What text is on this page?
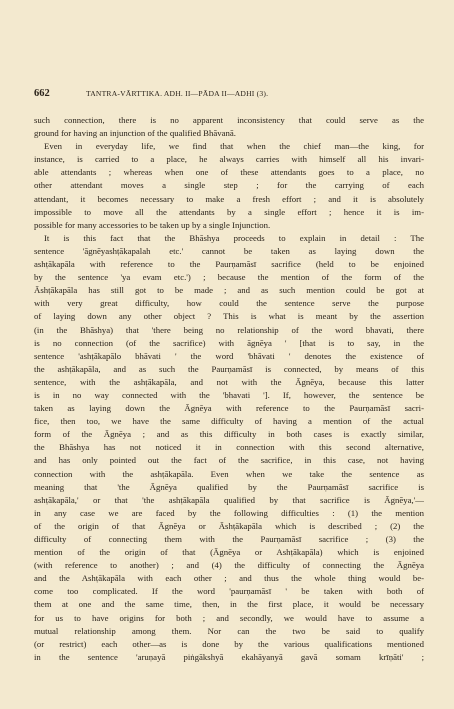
662	TANTRA-VĀRTTIKA. ADH. II—PĀDA II—ADHI (3).
such connection, there is no apparent inconsistency that could serve as the
ground for having an injunction of the qualified Bhāvanā.
Even in everyday life, we find that when the chief man—the king, for
instance, is carried to a place, he always carries with himself all his invari-
able attendants ; whereas when one of these attendants goes to a place, no
other attendant moves a single step ; for the carrying of each
attendant, it becomes necessary to make a fresh effort ; and it is absolutely
impossible to move all the attendants by a single effort ; hence it is im-
possible for many accessories to be taken up by a single Injunction.
It is this fact that the Bhāshya proceeds to explain in detail : The
sentence 'āgnēyashṭākapalah etc.' cannot be taken as laying down the
ashṭākapāla with reference to the Paurṇamāsī sacrifice (held to be enjoined
by the sentence 'ya evam etc.') ; because the mention of the form of the
Āshṭākapāla has still got to be made ; and as such mention could be got at
with very great difficulty, how could the sentence serve the purpose
of laying down any other object ? This is what is meant by the assertion
(in the Bhāshya) that 'there being no relationship of the word bhavati, there
is no connection (of the sacrifice) with āgnēya ' [that is to say, in the
sentence 'ashṭākapālo bhāvati ' the word 'bhāvati ' denotes the existence of
the ashṭākapāla, and as such the Paurṇamāsī is connected, by means of this
sentence, with the ashṭākapāla, and not with the Āgnēya, because this latter
is in no way connected with the 'bhavati ']. If, however, the sentence be
taken as laying down the Āgnēya with reference to the Paurṇamāsī sacri-
fice, then too, we have the same difficulty of having a mention of the actual
form of the Āgnēya ; and as this difficulty in both cases is exactly similar,
the Bhāshya has not noticed it in connection with this second alternative,
and has only pointed out the fact of the sacrifice, in this case, not having
connection with the ashṭākapāla. Even when we take the sentence as
meaning that 'the Āgnēya qualified by the Paurṇamāsī sacrifice is
ashṭākapāla,' or that 'the ashṭākapāla qualified by that sacrifice is Āgnēya,'—
in any case we are faced by the following difficulties : (1) the mention
of the origin of that Āgnēya or Āshṭākapāla which is described ; (2) the
difficulty of connecting them with the Paurṇamāsī sacrifice ; (3) the
mention of the origin of that (Āgnēya or Ashṭākapāla) which is enjoined
(with reference to another) ; and (4) the difficulty of connecting the Āgnēya
and the Ashṭākapāla with each other ; and thus the whole thing would be-
come too complicated. If the word 'paurṇamāsī ' be taken with both of
them at one and the same time, then, in the first place, it would be necessary
for us to have origins for both ; and secondly, we would have to assume a
mutual relationship among them. Nor can the two be said to qualify
(or restrict) each other—as is done by the various qualifications mentioned
in the sentence 'aruṇayā piṅgākshyā ekahāyanyā gavā somam krīṇāti' ;
